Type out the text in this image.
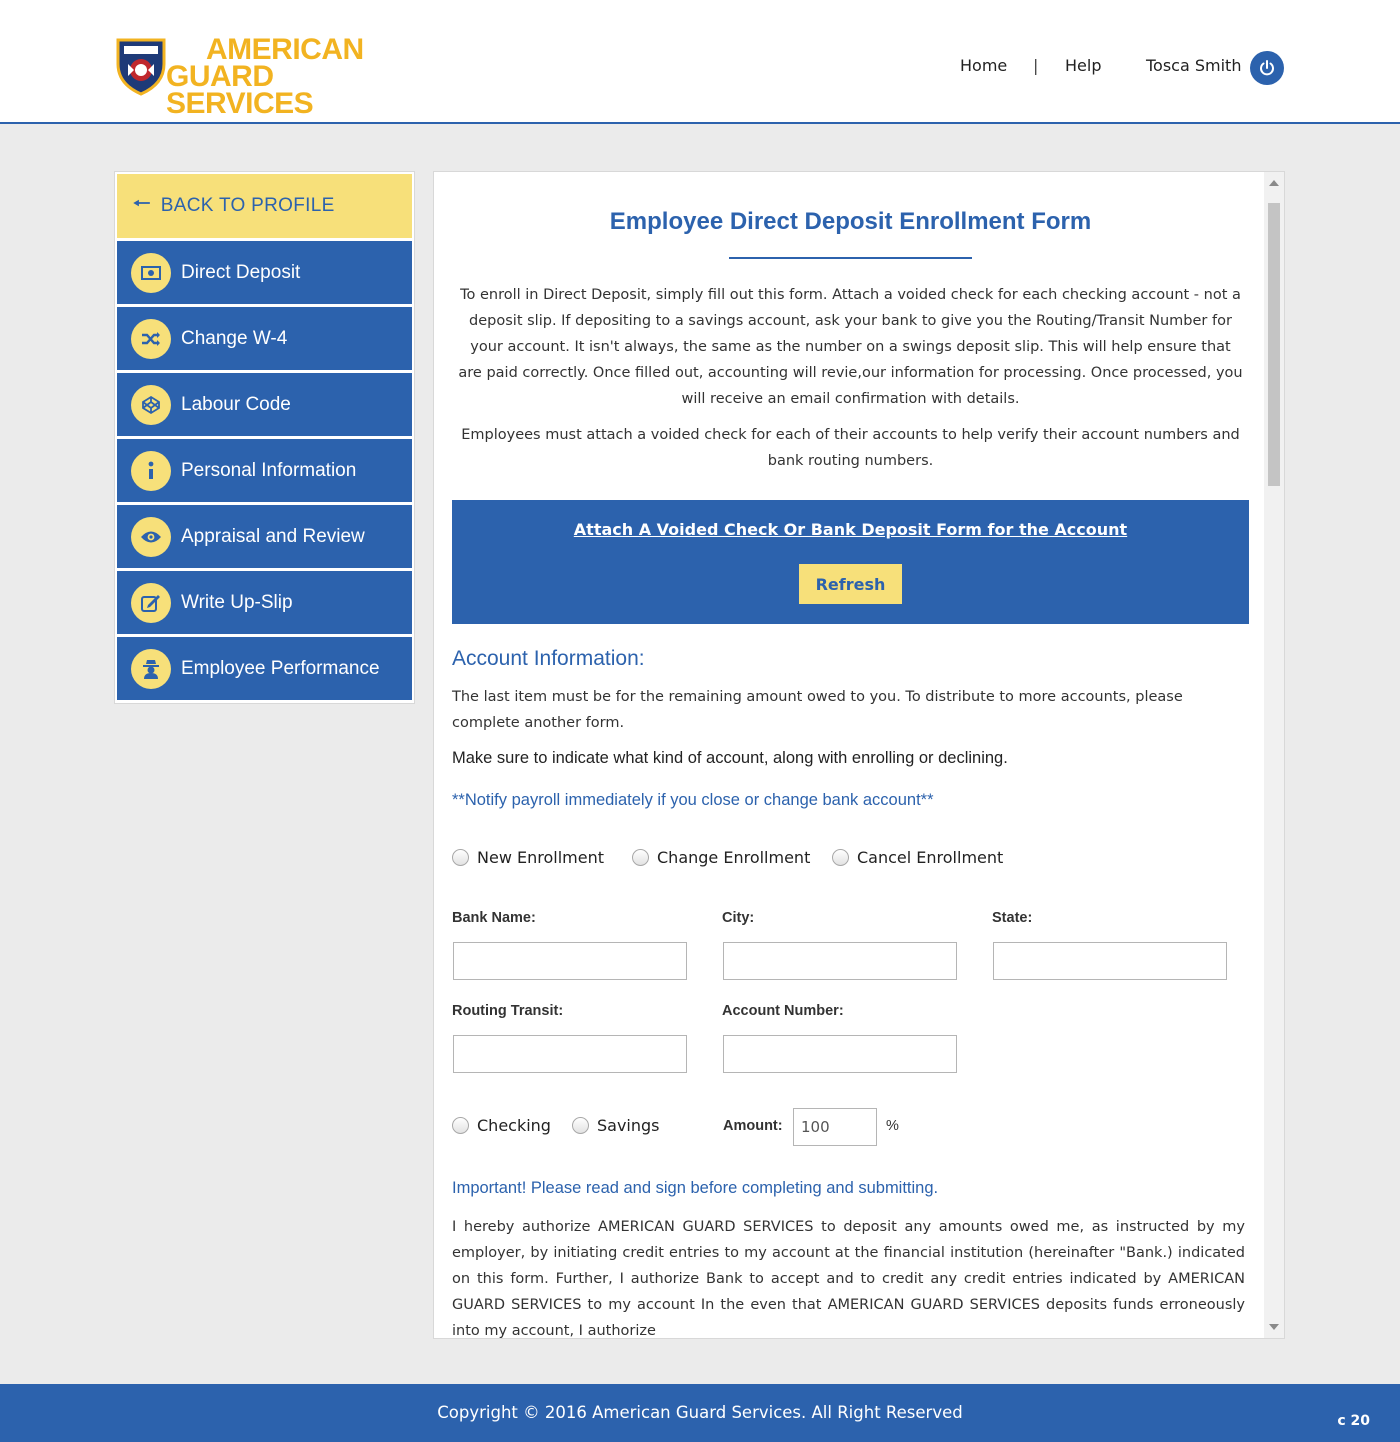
AMERICAN
GUARD SERVICES
Home | Help	Tosca Smith
🠐 BACK TO PROFILE
Direct Deposit
Change W-4
Labour Code
Personal Information
Appraisal and Review
Write Up-Slip
Employee Performance
Employee Direct Deposit Enrollment Form

To enroll in Direct Deposit, simply fill out this form. Attach a voided check for each checking account - not a deposit slip. If depositing to a savings account, ask your bank to give you the Routing/Transit Number for your account. It isn't always, the same as the number on a swings deposit slip. This will help ensure that are paid correctly. Once filled out, accounting will revie,our information for processing. Once processed, you will receive an email confirmation with details.

Employees must attach a voided check for each of their accounts to help verify their account numbers and bank routing numbers.

Attach A Voided Check Or Bank Deposit Form for the Account
Refresh
Account Information:

The last item must be for the remaining amount owed to you. To distribute to more accounts, please complete another form.

Make sure to indicate what kind of account, along with enrolling or declining.
**Notify payroll immediately if you close or change bank account**
New Enrollment	Change Enrollment	Cancel Enrollment
Bank Name:	City:	State:
Routing Transit:	Account Number:
Checking	Savings	Amount:	100	%
Important! Please read and sign before completing and submitting.

I hereby authorize AMERICAN GUARD SERVICES to deposit any amounts owed me, as instructed by my employer, by initiating credit entries to my account at the financial institution (hereinafter "Bank.) indicated on this form. Further, I authorize Bank to accept and to credit any credit entries indicated by AMERICAN GUARD SERVICES to my account In the even that AMERICAN GUARD SERVICES deposits funds erroneously into my account, I authorize

Copyright © 2016 American Guard Services. All Right Reserved	c 20
